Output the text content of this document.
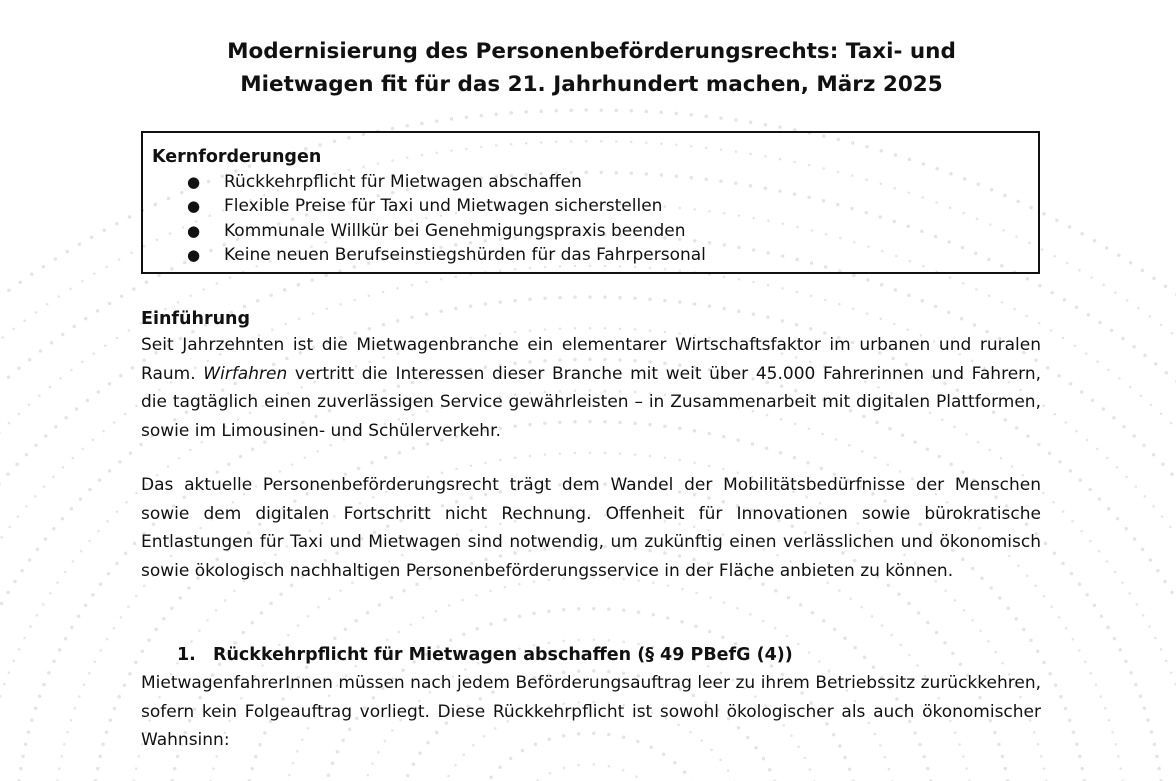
Modernisierung des Personenbeförderungsrechts: Taxi- und
Mietwagen fit für das 21. Jahrhundert machen, März 2025
Kernforderungen
● Rückkehrpflicht für Mietwagen abschaffen
● Flexible Preise für Taxi und Mietwagen sicherstellen
● Kommunale Willkür bei Genehmigungspraxis beenden
● Keine neuen Berufseinstiegshürden für das Fahrpersonal
Einführung

Seit Jahrzehnten ist die Mietwagenbranche ein elementarer Wirtschaftsfaktor im urbanen und ruralen Raum. Wirfahren vertritt die Interessen dieser Branche mit weit über 45.000 Fahrerinnen und Fahrern, die tagtäglich einen zuverlässigen Service gewährleisten – in Zusammenarbeit mit digitalen Plattformen, sowie im Limousinen- und Schülerverkehr.

Das aktuelle Personenbeförderungsrecht trägt dem Wandel der Mobilitätsbedürfnisse der Menschen sowie dem digitalen Fortschritt nicht Rechnung. Offenheit für Innovationen sowie bürokratische Entlastungen für Taxi und Mietwagen sind notwendig, um zukünftig einen verlässlichen und ökonomisch sowie ökologisch nachhaltigen Personenbeförderungsservice in der Fläche anbieten zu können.

1. Rückkehrpflicht für Mietwagen abschaffen (§ 49 PBefG (4))

MietwagenfahrerInnen müssen nach jedem Beförderungsauftrag leer zu ihrem Betriebssitz zurückkehren, sofern kein Folgeauftrag vorliegt. Diese Rückkehrpflicht ist sowohl ökologischer als auch ökonomischer Wahnsinn:
